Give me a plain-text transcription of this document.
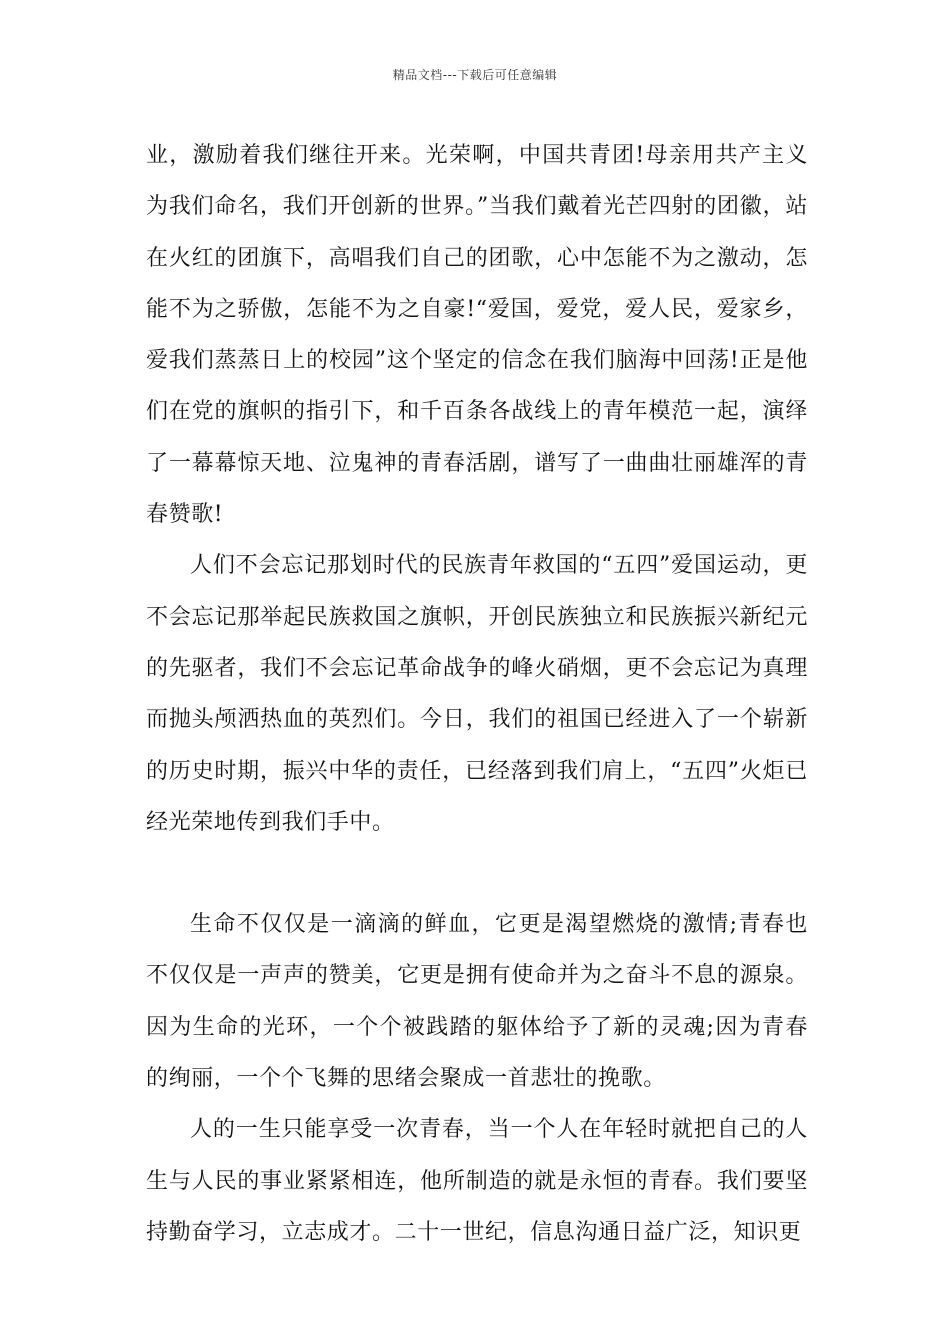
精品文档---下载后可任意编辑

业，激励着我们继往开来。光荣啊，中国共青团!母亲用共产主义为我们命名，我们开创新的世界。”当我们戴着光芒四射的团徽，站在火红的团旗下，高唱我们自己的团歌，心中怎能不为之激动，怎能不为之骄傲，怎能不为之自豪!“爱国，爱党，爱人民，爱家乡，爱我们蒸蒸日上的校园”这个坚定的信念在我们脑海中回荡!正是他们在党的旗帜的指引下，和千百条各战线上的青年模范一起，演绎了一幕幕惊天地、泣鬼神的青春活剧，谱写了一曲曲壮丽雄浑的青春赞歌!

人们不会忘记那划时代的民族青年救国的“五四”爱国运动，更不会忘记那举起民族救国之旗帜，开创民族独立和民族振兴新纪元的先驱者，我们不会忘记革命战争的峰火硝烟，更不会忘记为真理而抛头颅洒热血的英烈们。今日，我们的祖国已经进入了一个崭新的历史时期，振兴中华的责任，已经落到我们肩上，“五四”火炬已经光荣地传到我们手中。

生命不仅仅是一滴滴的鲜血，它更是渴望燃烧的激情;青春也不仅仅是一声声的赞美，它更是拥有使命并为之奋斗不息的源泉。因为生命的光环，一个个被践踏的躯体给予了新的灵魂;因为青春的绚丽，一个个飞舞的思绪会聚成一首悲壮的挽歌。

人的一生只能享受一次青春，当一个人在年轻时就把自己的人生与人民的事业紧紧相连，他所制造的就是永恒的青春。我们要坚持勤奋学习，立志成才。二十一世纪，信息沟通日益广泛，知识更
